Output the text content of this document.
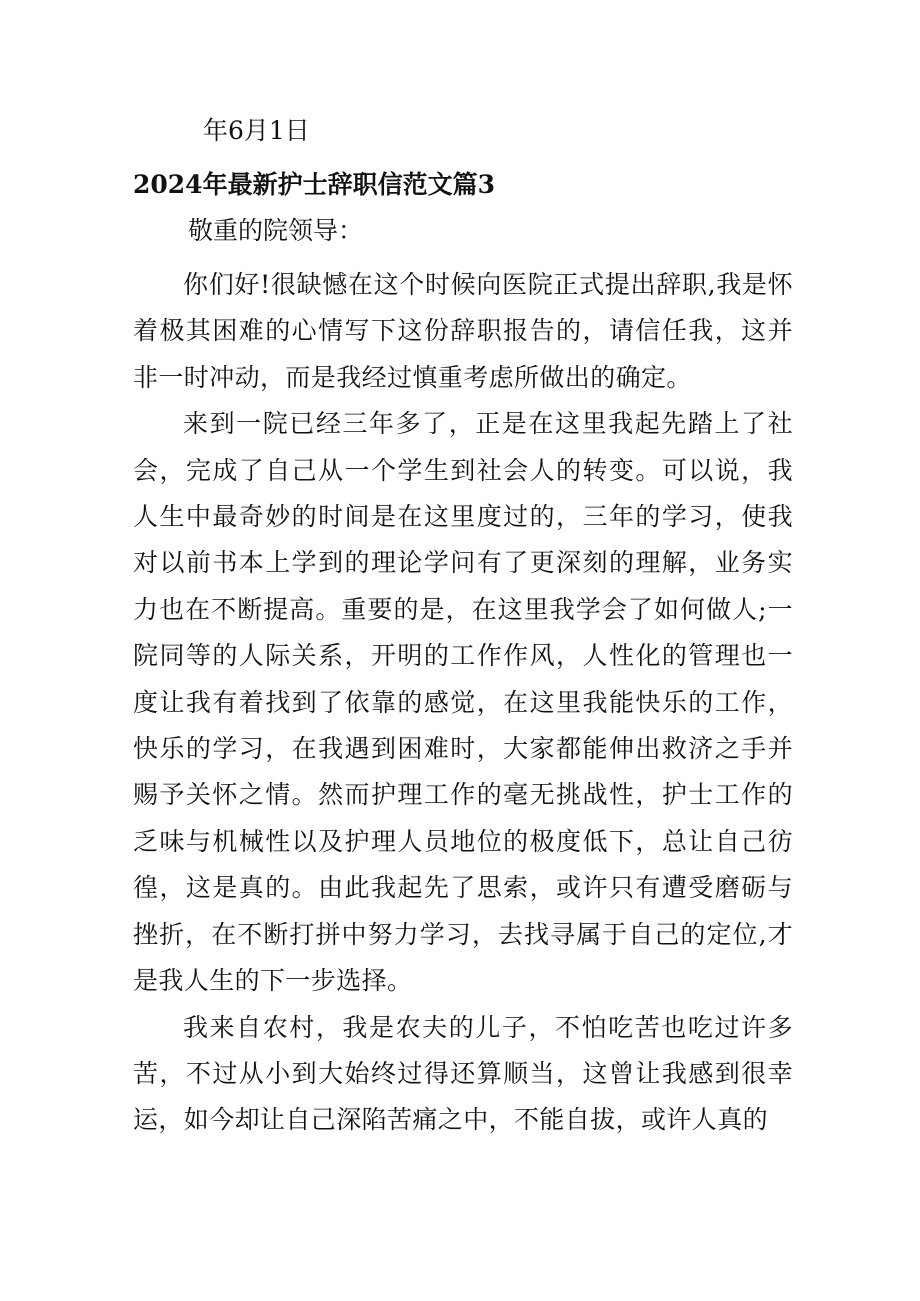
年6月1日
2024年最新护士辞职信范文篇3

敬重的院领导：

你们好!很缺憾在这个时候向医院正式提出辞职,我是怀着极其困难的心情写下这份辞职报告的，请信任我，这并非一时冲动，而是我经过慎重考虑所做出的确定。

来到一院已经三年多了，正是在这里我起先踏上了社会，完成了自己从一个学生到社会人的转变。可以说，我人生中最奇妙的时间是在这里度过的，三年的学习，使我对以前书本上学到的理论学问有了更深刻的理解，业务实力也在不断提高。重要的是，在这里我学会了如何做人;一院同等的人际关系，开明的工作作风，人性化的管理也一度让我有着找到了依靠的感觉，在这里我能快乐的工作，快乐的学习，在我遇到困难时，大家都能伸出救济之手并赐予关怀之情。然而护理工作的毫无挑战性，护士工作的乏味与机械性以及护理人员地位的极度低下，总让自己彷徨，这是真的。由此我起先了思索，或许只有遭受磨砺与挫折，在不断打拼中努力学习，去找寻属于自己的定位,才是我人生的下一步选择。

我来自农村，我是农夫的儿子，不怕吃苦也吃过许多苦，不过从小到大始终过得还算顺当，这曾让我感到很幸运，如今却让自己深陷苦痛之中，不能自拔，或许人真的
